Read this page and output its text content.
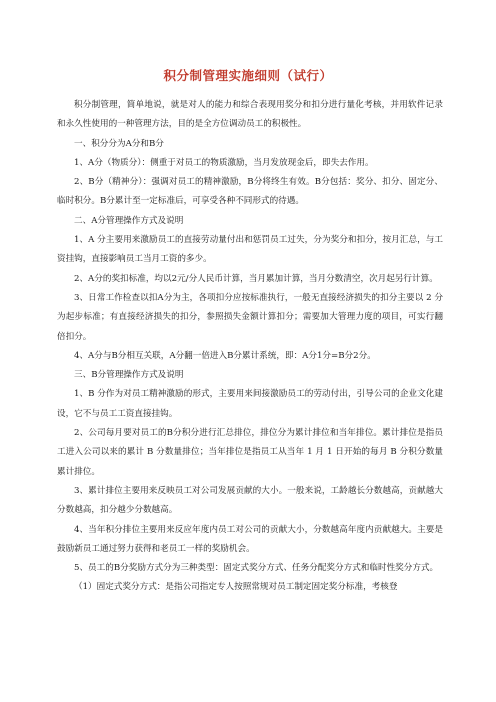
积分制管理实施细则（试行）

积分制管理，简单地说，就是对人的能力和综合表现用奖分和扣分进行量化考核，并用软件记录和永久性使用的一种管理方法，目的是全方位调动员工的积极性。

一、积分分为A分和B分

1、A分（物质分）：侧重于对员工的物质激励，当月发放现金后，即失去作用。

2、B分（精神分）：强调对员工的精神激励，B分将终生有效。B分包括：奖分、扣分、固定分、临时积分。B分累计至一定标准后，可享受各种不同形式的待遇。

二、A分管理操作方式及说明

1、A 分主要用来激励员工的直接劳动量付出和惩罚员工过失，分为奖分和扣分，按月汇总，与工资挂钩，直接影响员工当月工资的多少。

2、A分的奖扣标准，均以2元/分人民币计算，当月累加计算，当月分数清空，次月起另行计算。

3、日常工作检查以扣A分为主，各项扣分应按标准执行，一般无直接经济损失的扣分主要以 2 分为起步标准；有直接经济损失的扣分，参照损失金额计算扣分；需要加大管理力度的项目，可实行翻倍扣分。

4、A分与B分相互关联，A分翻一倍进入B分累计系统，即：A分1分=B分2分。

三、B分管理操作方式及说明

1、B 分作为对员工精神激励的形式，主要用来间接激励员工的劳动付出，引导公司的企业文化建设，它不与员工工资直接挂钩。

2、公司每月要对员工的B分积分进行汇总排位，排位分为累计排位和当年排位。累计排位是指员工进入公司以来的累计 B 分数量排位；当年排位是指员工从当年 1 月 1 日开始的每月 B 分积分数量累计排位。

3、累计排位主要用来反映员工对公司发展贡献的大小。一般来说，工龄越长分数越高，贡献越大分数越高，扣分越少分数越高。

4、当年积分排位主要用来反应年度内员工对公司的贡献大小，分数越高年度内贡献越大。主要是鼓励新员工通过努力获得和老员工一样的奖励机会。

5、员工的B分奖励方式分为三种类型：固定式奖分方式、任务分配奖分方式和临时性奖分方式。

（1）固定式奖分方式：是指公司指定专人按照常规对员工制定固定奖分标准，考核登
